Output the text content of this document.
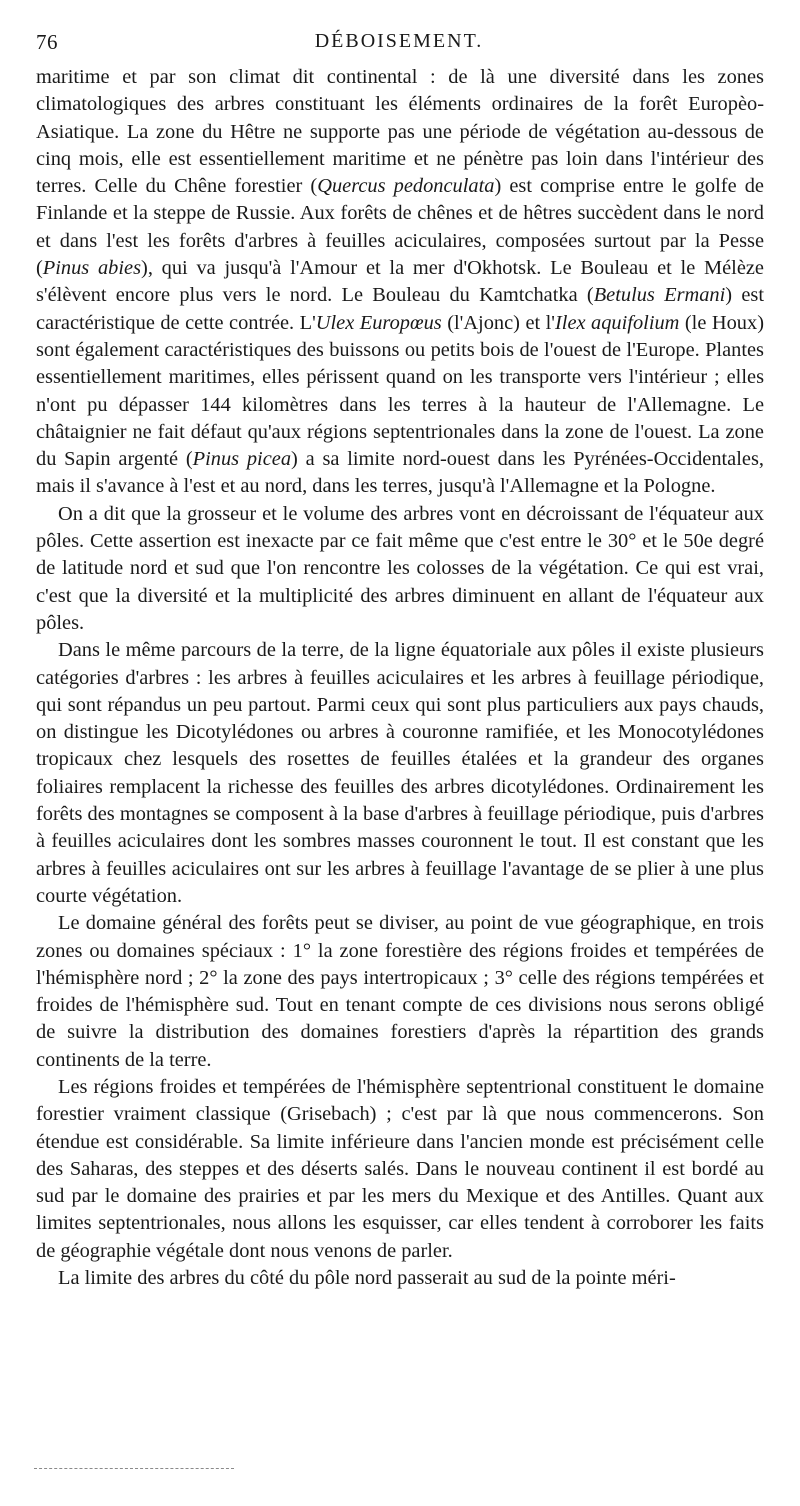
76	DÉBOISEMENT.

maritime et par son climat dit continental : de là une diversité dans les zones climatologiques des arbres constituant les éléments ordinaires de la forêt Europèo-Asiatique. La zone du Hêtre ne supporte pas une période de végétation au-dessous de cinq mois, elle est essentiellement maritime et ne pénètre pas loin dans l'intérieur des terres. Celle du Chêne forestier (Quercus pedonculata) est comprise entre le golfe de Finlande et la steppe de Russie. Aux forêts de chênes et de hêtres succèdent dans le nord et dans l'est les forêts d'arbres à feuilles aciculaires, composées surtout par la Pesse (Pinus abies), qui va jusqu'à l'Amour et la mer d'Okhotsk. Le Bouleau et le Mélèze s'élèvent encore plus vers le nord. Le Bouleau du Kamtchatka (Betulus Ermani) est caractéristique de cette contrée. L'Ulex Europœus (l'Ajonc) et l'Ilex aquifolium (le Houx) sont également caractéristiques des buissons ou petits bois de l'ouest de l'Europe. Plantes essentiellement maritimes, elles périssent quand on les transporte vers l'intérieur ; elles n'ont pu dépasser 144 kilomètres dans les terres à la hauteur de l'Allemagne. Le châtaignier ne fait défaut qu'aux régions septentrionales dans la zone de l'ouest. La zone du Sapin argenté (Pinus picea) a sa limite nord-ouest dans les Pyrénées-Occidentales, mais il s'avance à l'est et au nord, dans les terres, jusqu'à l'Allemagne et la Pologne.

On a dit que la grosseur et le volume des arbres vont en décroissant de l'équateur aux pôles. Cette assertion est inexacte par ce fait même que c'est entre le 30° et le 50e degré de latitude nord et sud que l'on rencontre les colosses de la végétation. Ce qui est vrai, c'est que la diversité et la multiplicité des arbres diminuent en allant de l'équateur aux pôles.

Dans le même parcours de la terre, de la ligne équatoriale aux pôles il existe plusieurs catégories d'arbres : les arbres à feuilles aciculaires et les arbres à feuillage périodique, qui sont répandus un peu partout. Parmi ceux qui sont plus particuliers aux pays chauds, on distingue les Dicotylédones ou arbres à couronne ramifiée, et les Monocotylédones tropicaux chez lesquels des rosettes de feuilles étalées et la grandeur des organes foliaires remplacent la richesse des feuilles des arbres dicotylédones. Ordinairement les forêts des montagnes se composent à la base d'arbres à feuillage périodique, puis d'arbres à feuilles aciculaires dont les sombres masses couronnent le tout. Il est constant que les arbres à feuilles aciculaires ont sur les arbres à feuillage l'avantage de se plier à une plus courte végétation.

Le domaine général des forêts peut se diviser, au point de vue géographique, en trois zones ou domaines spéciaux : 1° la zone forestière des régions froides et tempérées de l'hémisphère nord ; 2° la zone des pays intertropicaux ; 3° celle des régions tempérées et froides de l'hémisphère sud. Tout en tenant compte de ces divisions nous serons obligé de suivre la distribution des domaines forestiers d'après la répartition des grands continents de la terre.

Les régions froides et tempérées de l'hémisphère septentrional constituent le domaine forestier vraiment classique (Grisebach) ; c'est par là que nous commencerons. Son étendue est considérable. Sa limite inférieure dans l'ancien monde est précisément celle des Saharas, des steppes et des déserts salés. Dans le nouveau continent il est bordé au sud par le domaine des prairies et par les mers du Mexique et des Antilles. Quant aux limites septentrionales, nous allons les esquisser, car elles tendent à corroborer les faits de géographie végétale dont nous venons de parler.

La limite des arbres du côté du pôle nord passerait au sud de la pointe méri-
